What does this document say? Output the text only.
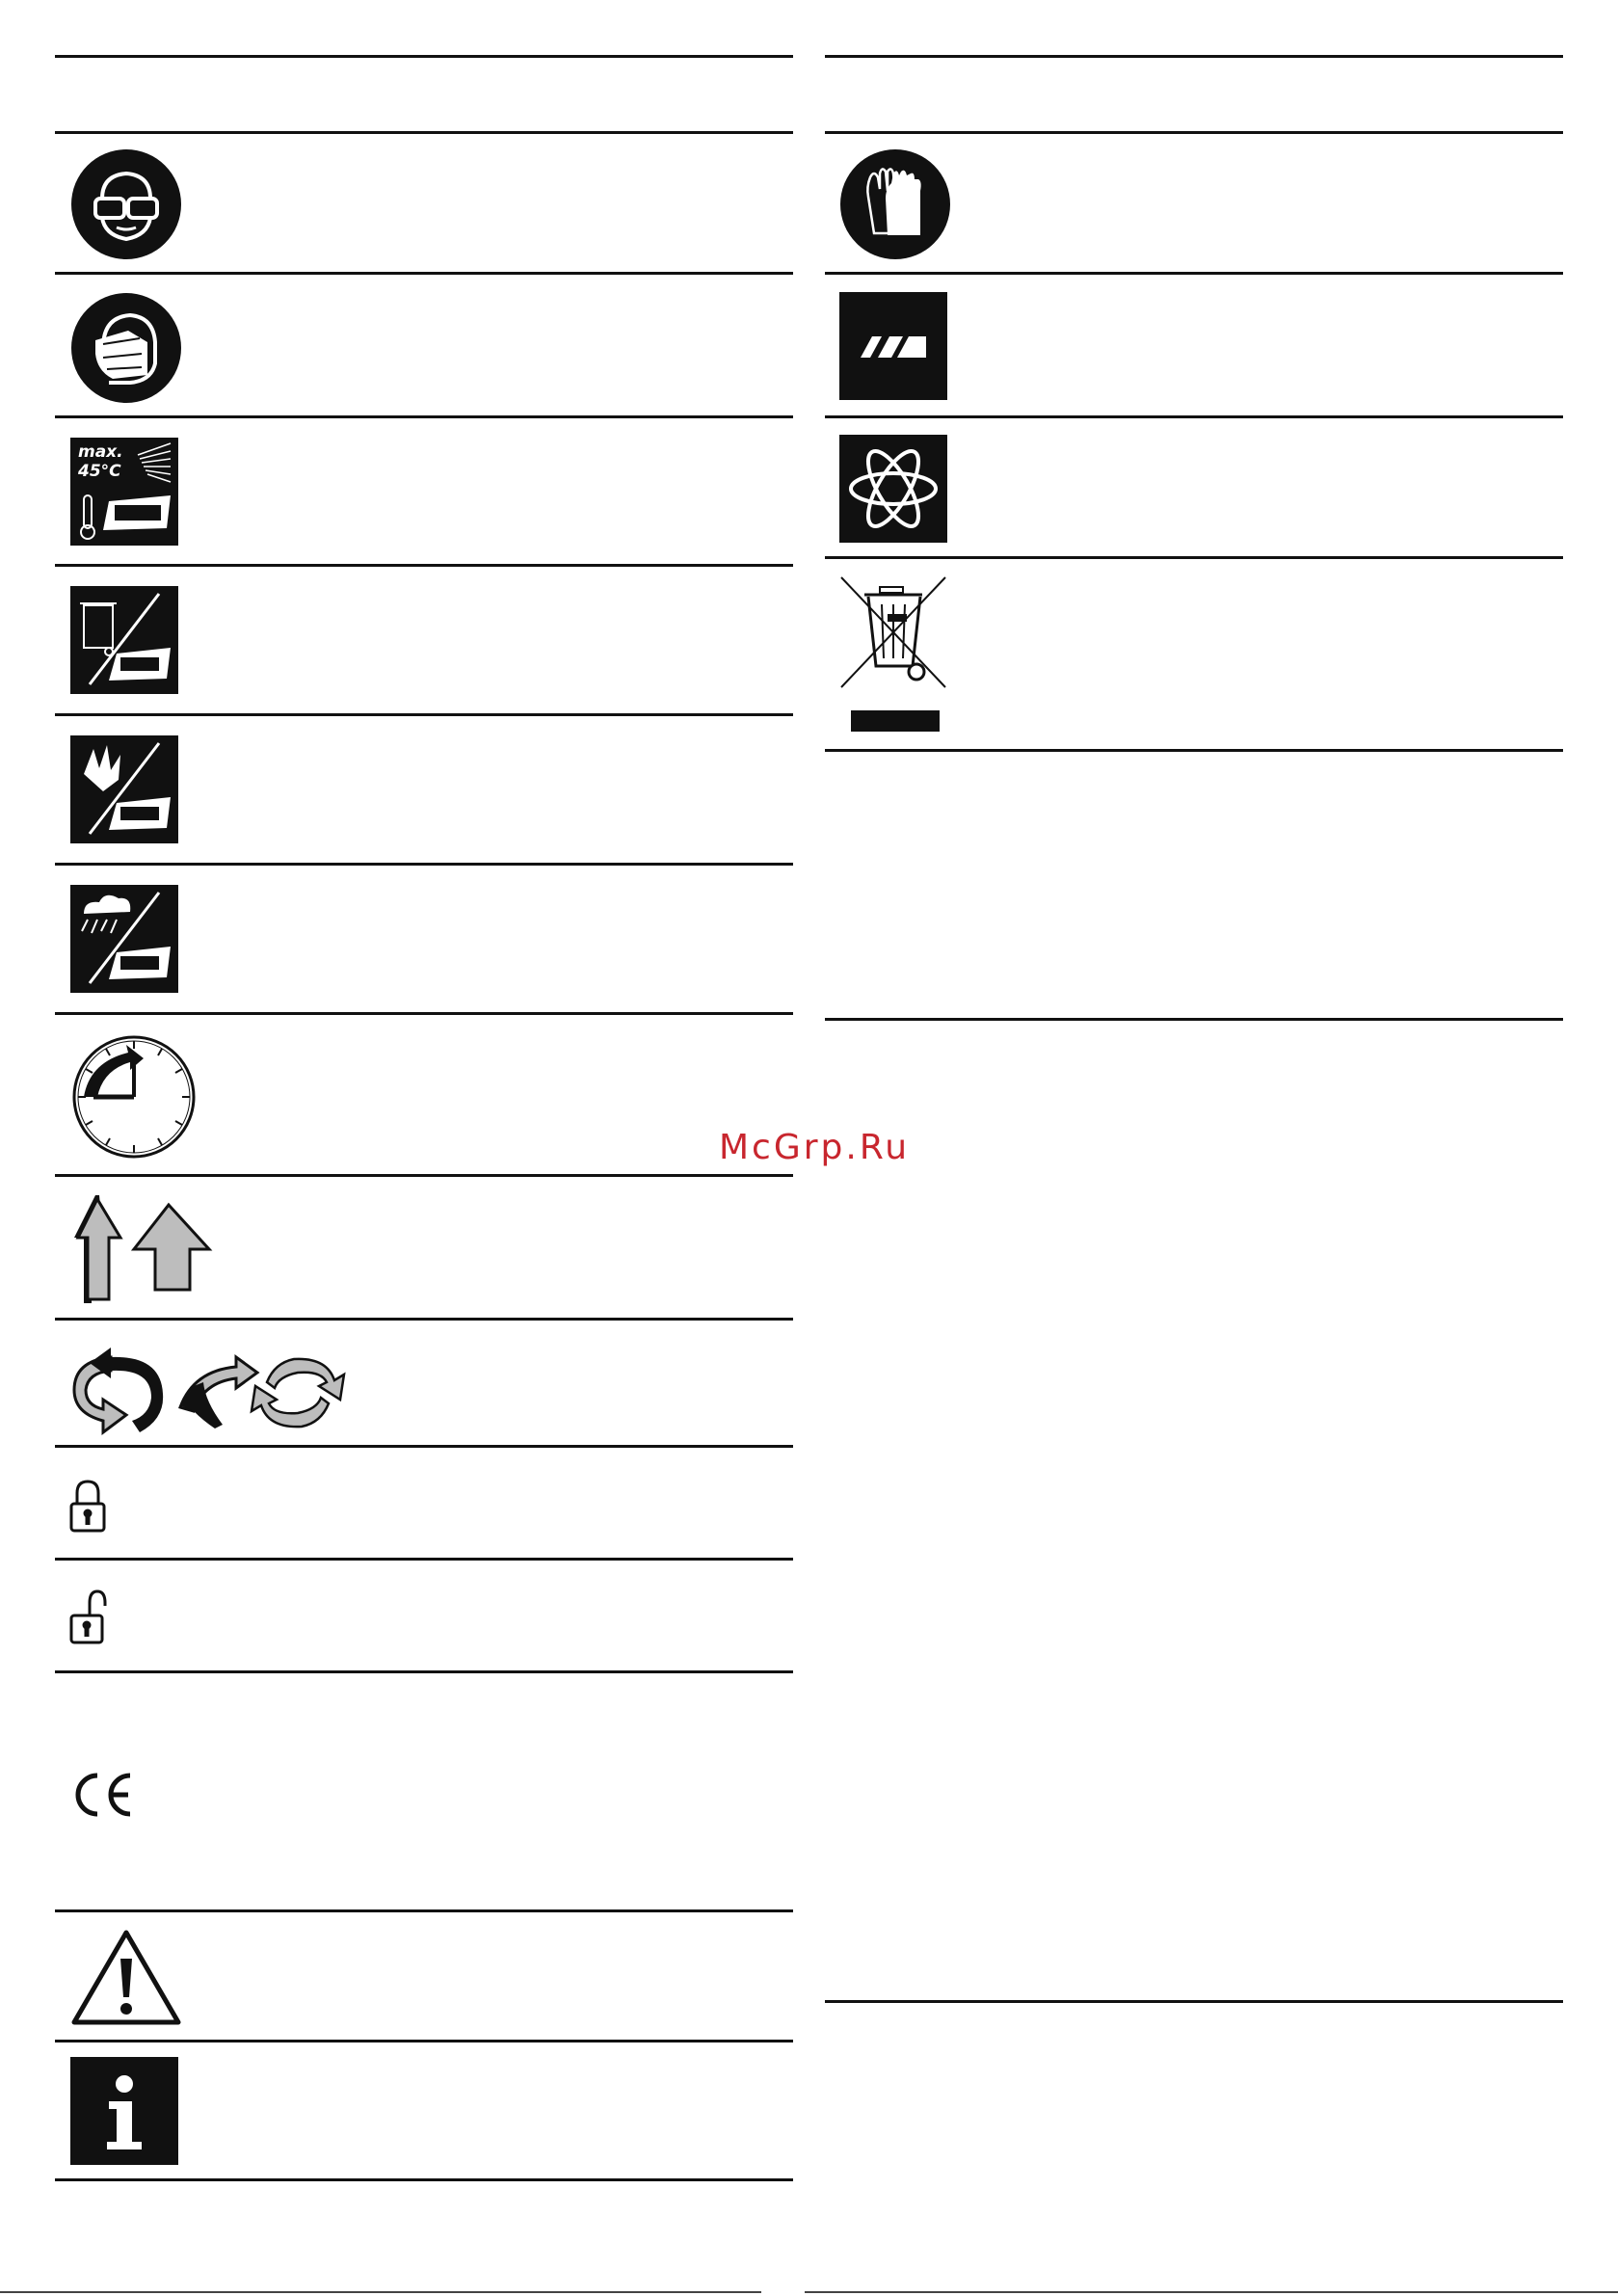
max.
45°C
McGrp.Ru
